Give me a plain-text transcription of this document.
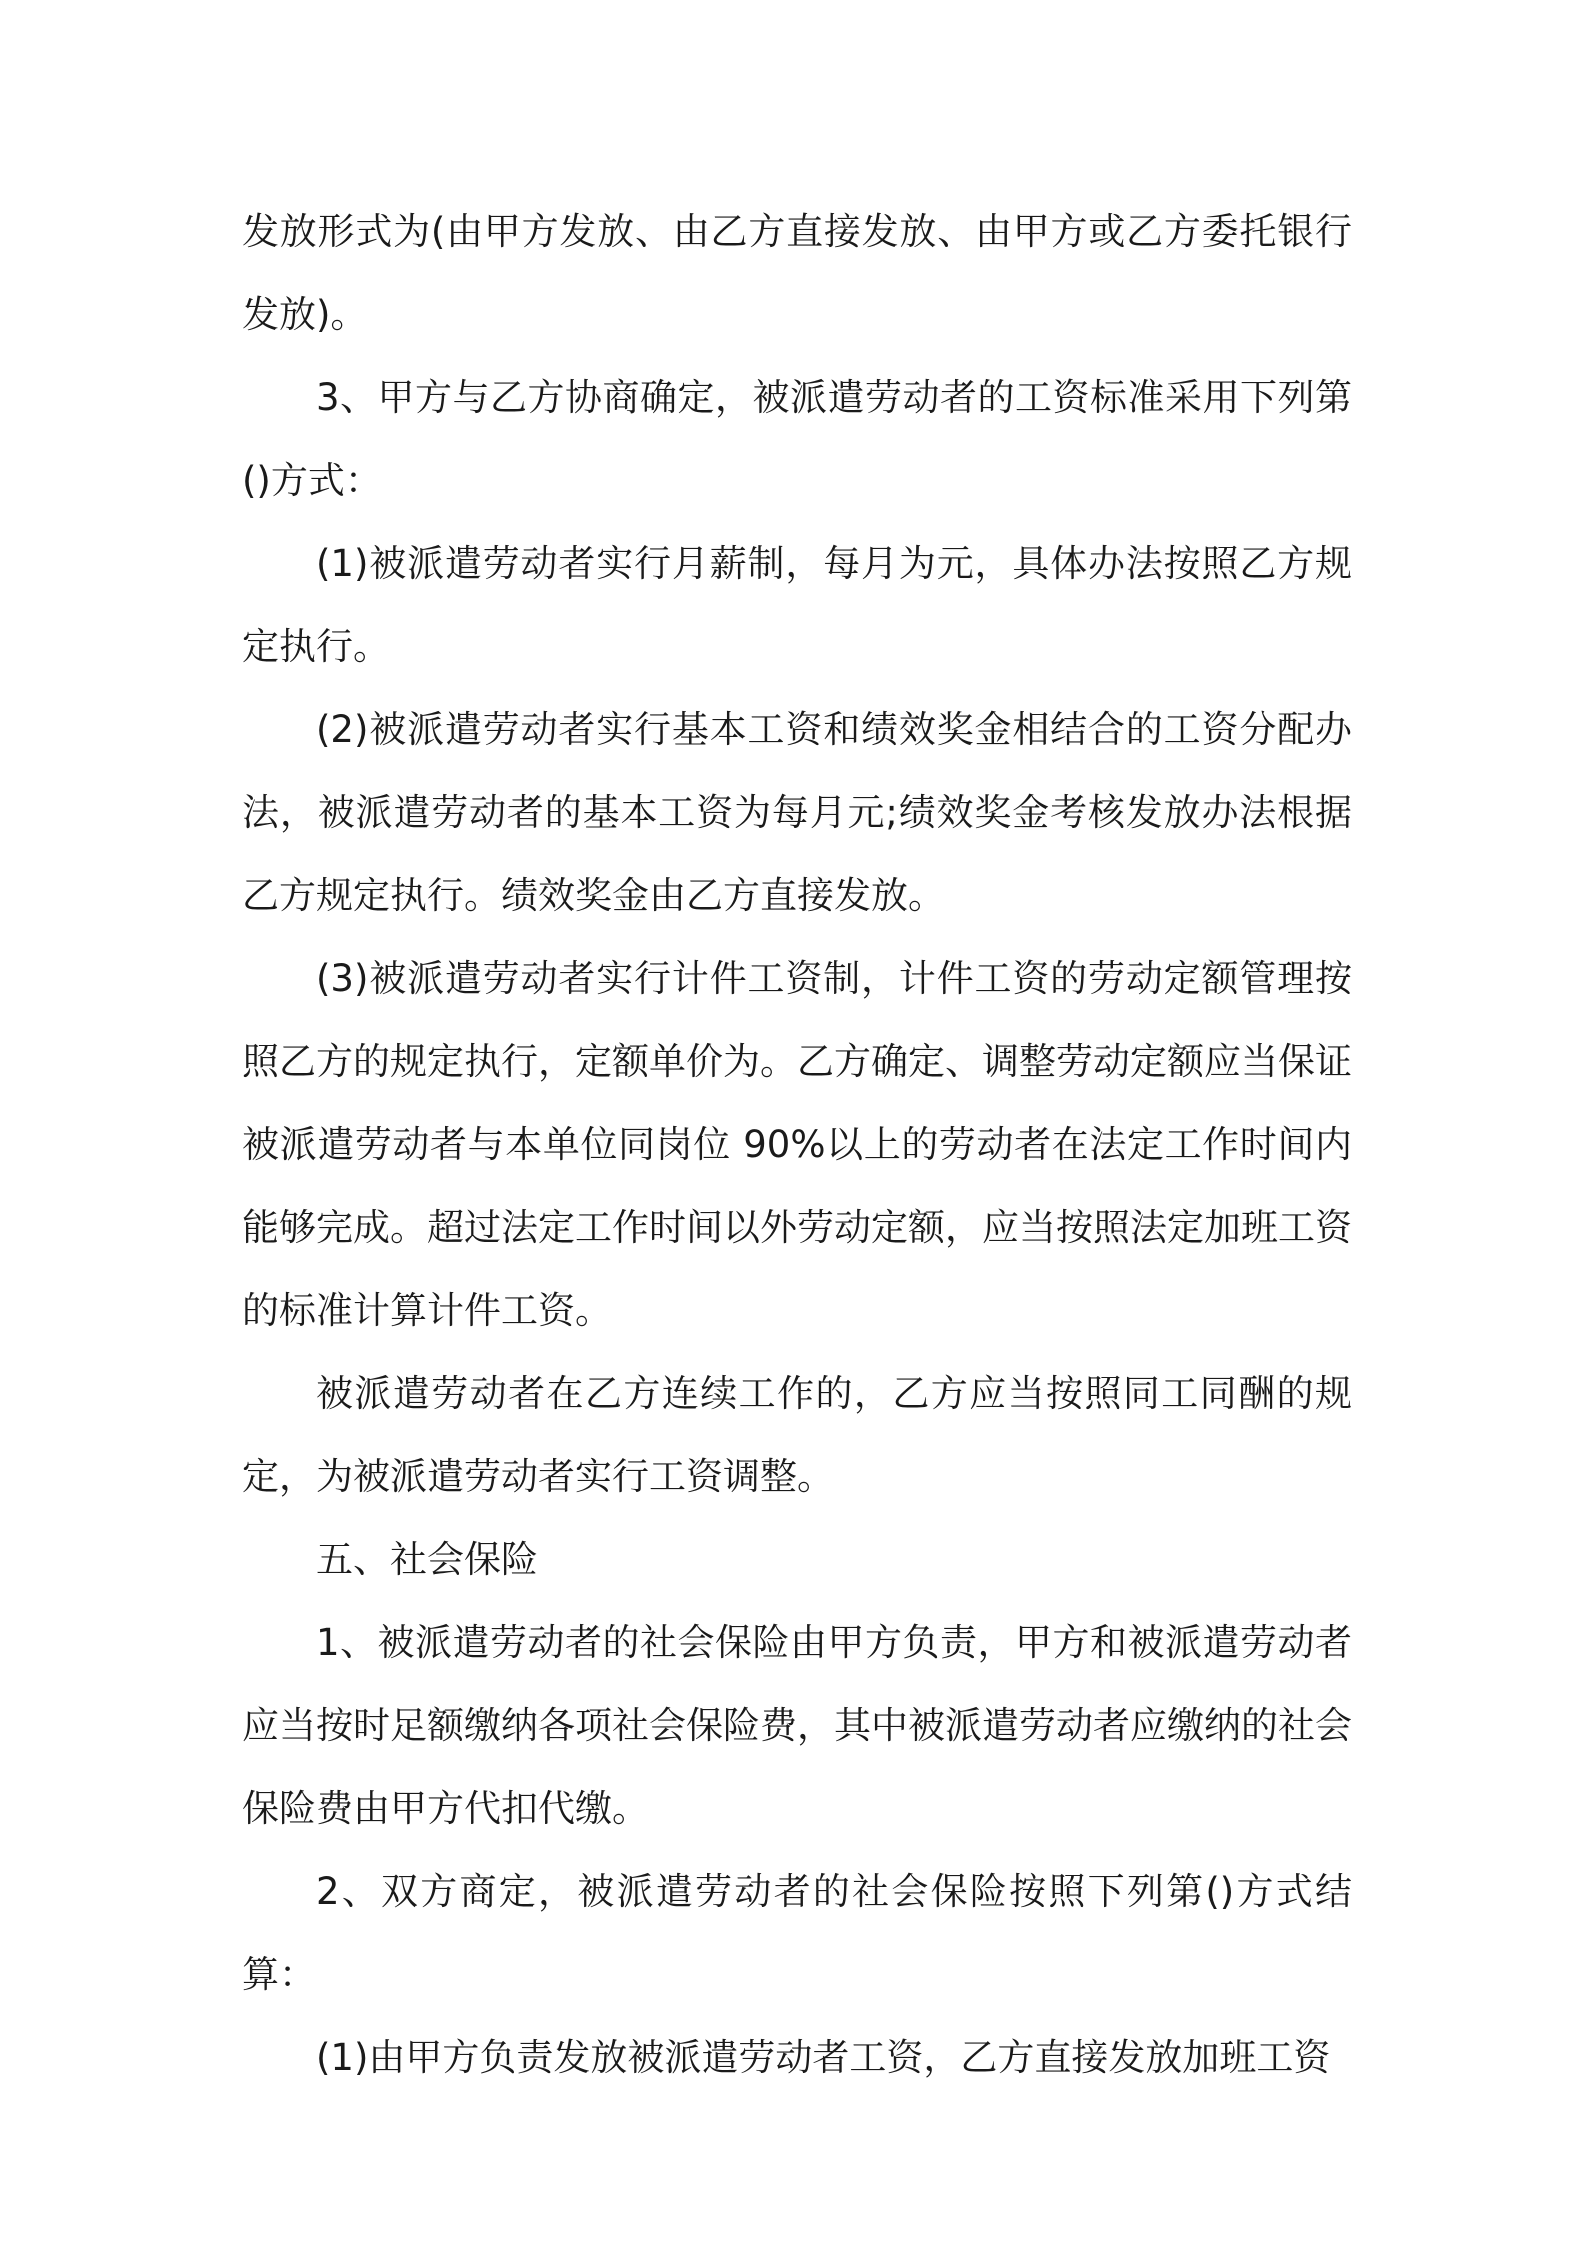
发放形式为(由甲方发放、由乙方直接发放、由甲方或乙方委托银行发放)。

3、甲方与乙方协商确定，被派遣劳动者的工资标准采用下列第()方式：

(1)被派遣劳动者实行月薪制，每月为元，具体办法按照乙方规定执行。

(2)被派遣劳动者实行基本工资和绩效奖金相结合的工资分配办法，被派遣劳动者的基本工资为每月元;绩效奖金考核发放办法根据乙方规定执行。绩效奖金由乙方直接发放。

(3)被派遣劳动者实行计件工资制，计件工资的劳动定额管理按照乙方的规定执行，定额单价为。乙方确定、调整劳动定额应当保证被派遣劳动者与本单位同岗位 90%以上的劳动者在法定工作时间内能够完成。超过法定工作时间以外劳动定额，应当按照法定加班工资的标准计算计件工资。

被派遣劳动者在乙方连续工作的，乙方应当按照同工同酬的规定，为被派遣劳动者实行工资调整。

五、社会保险

1、被派遣劳动者的社会保险由甲方负责，甲方和被派遣劳动者应当按时足额缴纳各项社会保险费，其中被派遣劳动者应缴纳的社会保险费由甲方代扣代缴。

2、双方商定，被派遣劳动者的社会保险按照下列第()方式结算：

(1)由甲方负责发放被派遣劳动者工资，乙方直接发放加班工资
